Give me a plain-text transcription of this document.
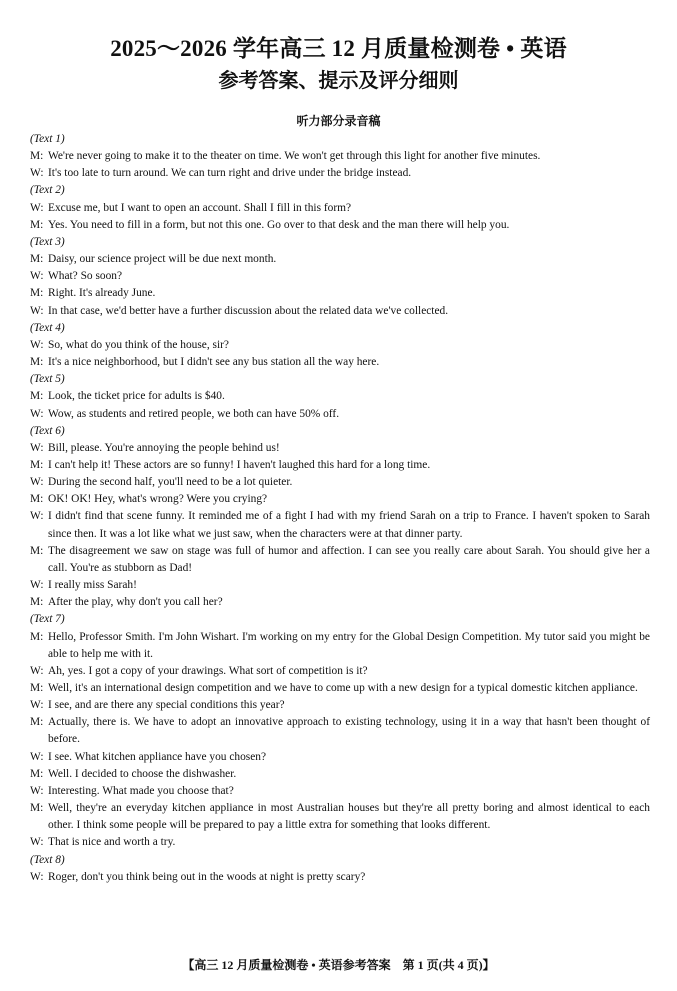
2025～2026 学年高三 12 月质量检测卷 • 英语
参考答案、提示及评分细则
听力部分录音稿
(Text 1)
M: We're never going to make it to the theater on time. We won't get through this light for another five minutes.
W: It's too late to turn around. We can turn right and drive under the bridge instead.
(Text 2)
W: Excuse me, but I want to open an account. Shall I fill in this form?
M: Yes. You need to fill in a form, but not this one. Go over to that desk and the man there will help you.
(Text 3)
M: Daisy, our science project will be due next month.
W: What? So soon?
M: Right. It's already June.
W: In that case, we'd better have a further discussion about the related data we've collected.
(Text 4)
W: So, what do you think of the house, sir?
M: It's a nice neighborhood, but I didn't see any bus station all the way here.
(Text 5)
M: Look, the ticket price for adults is $40.
W: Wow, as students and retired people, we both can have 50% off.
(Text 6)
W: Bill, please. You're annoying the people behind us!
M: I can't help it! These actors are so funny! I haven't laughed this hard for a long time.
W: During the second half, you'll need to be a lot quieter.
M: OK! OK! Hey, what's wrong? Were you crying?
W: I didn't find that scene funny. It reminded me of a fight I had with my friend Sarah on a trip to France. I haven't spoken to Sarah since then. It was a lot like what we just saw, when the characters were at that dinner party.
M: The disagreement we saw on stage was full of humor and affection. I can see you really care about Sarah. You should give her a call. You're as stubborn as Dad!
W: I really miss Sarah!
M: After the play, why don't you call her?
(Text 7)
M: Hello, Professor Smith. I'm John Wishart. I'm working on my entry for the Global Design Competition. My tutor said you might be able to help me with it.
W: Ah, yes. I got a copy of your drawings. What sort of competition is it?
M: Well, it's an international design competition and we have to come up with a new design for a typical domestic kitchen appliance.
W: I see, and are there any special conditions this year?
M: Actually, there is. We have to adopt an innovative approach to existing technology, using it in a way that hasn't been thought of before.
W: I see. What kitchen appliance have you chosen?
M: Well. I decided to choose the dishwasher.
W: Interesting. What made you choose that?
M: Well, they're an everyday kitchen appliance in most Australian houses but they're all pretty boring and almost identical to each other. I think some people will be prepared to pay a little extra for something that looks different.
W: That is nice and worth a try.
(Text 8)
W: Roger, don't you think being out in the woods at night is pretty scary?
【高三 12 月质量检测卷 • 英语参考答案　第 1 页(共 4 页)】
